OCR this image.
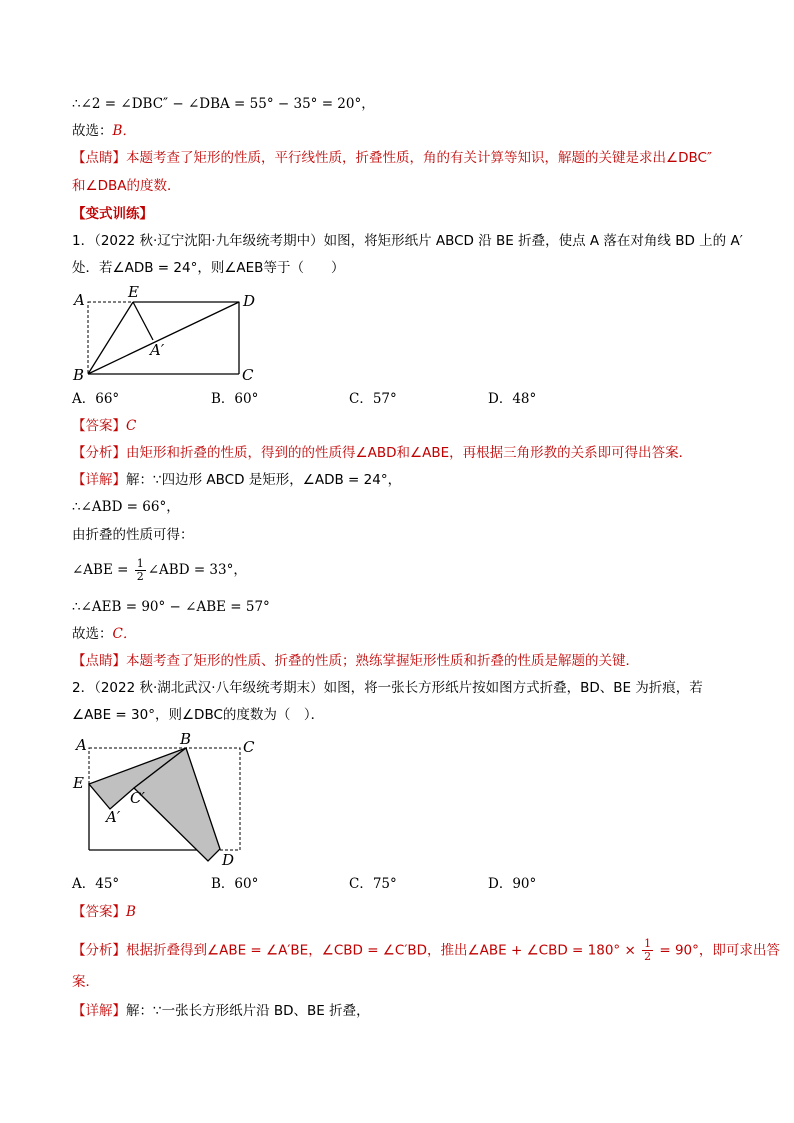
∴∠2 = ∠DBC″ − ∠DBA = 55° − 35° = 20°，
故选：B．
【点睛】本题考查了矩形的性质，平行线性质，折叠性质，角的有关计算等知识，解题的关键是求出∠DBC″
和∠DBA的度数．
【变式训练】
1．（2022 秋·辽宁沈阳·九年级统考期中）如图，将矩形纸片 ABCD 沿 BE 折叠，使点 A 落在对角线 BD 上的 A′
处．若∠ADB = 24°，则∠AEB等于（　　）
A	E	D
A′
B	C
A．66°	B．60°	C．57°	D．48°
【答案】C
【分析】由矩形和折叠的性质，得到的的性质得∠ABD和∠ABE，再根据三角形教的关系即可得出答案．
【详解】解：∵四边形 ABCD 是矩形，∠ADB = 24°，
∴∠ABD = 66°，
由折叠的性质可得：
∠ABE = $\frac{1}{2}$ ∠ABD = 33°，
∴∠AEB = 90° − ∠ABE = 57°
故选：C．
【点睛】本题考查了矩形的性质、折叠的性质；熟练掌握矩形性质和折叠的性质是解题的关键．
2．（2022 秋·湖北武汉·八年级统考期末）如图，将一张长方形纸片按如图方式折叠，BD、BE 为折痕，若
∠ABE = 30°，则∠DBC的度数为（　）．
A	B	C
E
C′
A′
D
A．45°	B．60°	C．75°	D．90°
【答案】B
【分析】根据折叠得到∠ABE = ∠A′BE，∠CBD = ∠C′BD，推出∠ABE + ∠CBD = $180^\circ \times \frac{1}{2} = 90^\circ$，即可求出答
案．
【详解】解：∵一张长方形纸片沿 BD、BE 折叠，
